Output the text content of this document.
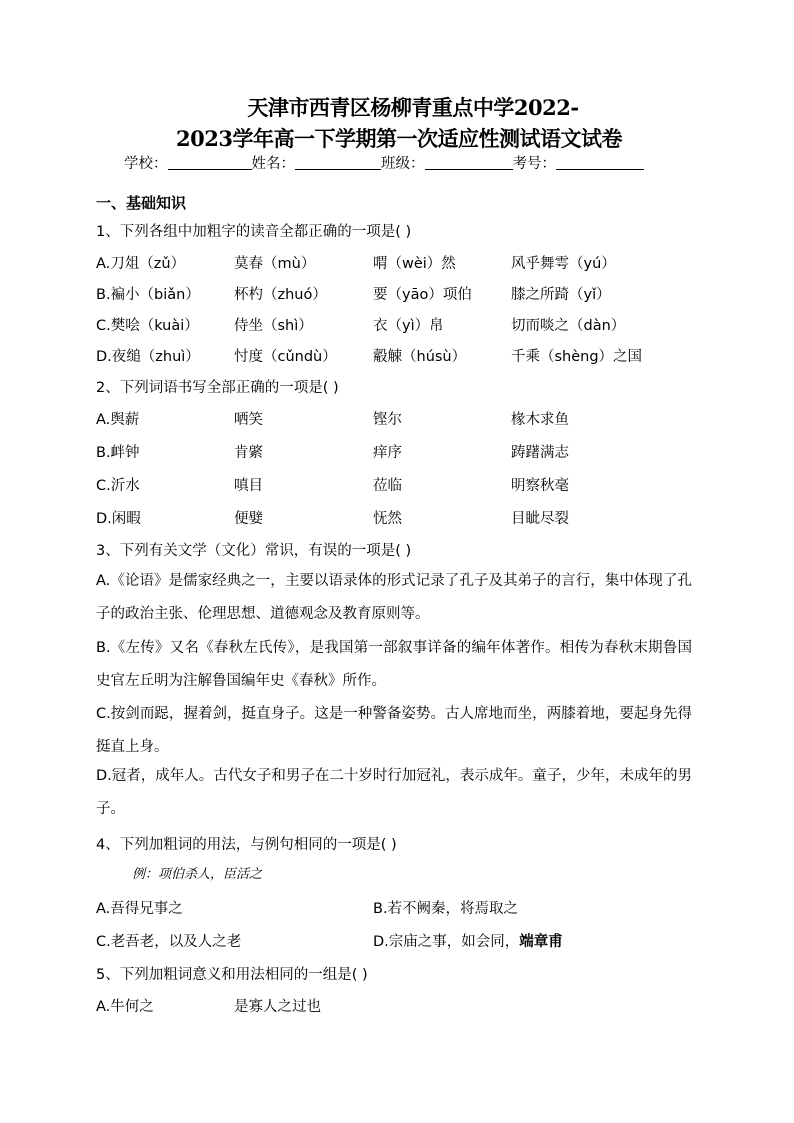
天津市西青区杨柳青重点中学2022-
2023学年高一下学期第一次适应性测试语文试卷
学校：	姓名：	班级：	考号：
一、基础知识
1、下列各组中加粗字的读音全都正确的一项是( )
A.刀俎（zǔ）	莫春（mù）	喟（wèi）然	风乎舞雩（yú）
B.褊小（biǎn） 杯杓（zhuó）	要（yāo）项伯	膝之所踦（yǐ）
C.樊哙（kuài） 侍坐（shì）	衣（yì）帛	切而啖之（dàn）
D.夜缒（zhuì） 忖度（cǔndù）	觳觫（húsù）	千乘（shèng）之国
2、下列词语书写全部正确的一项是( )
A.舆薪	哂笑	铿尔	椽木求鱼
B.衅钟	肯綮	痒序	踌躇满志
C.沂水	嗔目	莅临	明察秋毫
D.闲暇	便嬖	怃然	目眦尽裂
3、下列有关文学（文化）常识，有误的一项是( )
A.《论语》是儒家经典之一，主要以语录体的形式记录了孔子及其弟子的言行，集中体现了孔子的政治主张、伦理思想、道德观念及教育原则等。
B.《左传》又名《春秋左氏传》，是我国第一部叙事详备的编年体著作。相传为春秋末期鲁国史官左丘明为注解鲁国编年史《春秋》所作。
C.按剑而跽，握着剑，挺直身子。这是一种警备姿势。古人席地而坐，两膝着地，要起身先得挺直上身。
D.冠者，成年人。古代女子和男子在二十岁时行加冠礼，表示成年。童子，少年，未成年的男子。
4、下列加粗词的用法，与例句相同的一项是( )
例：项伯杀人，臣活之
A.吾得兄事之	B.若不阙秦，将焉取之
C.老吾老，以及人之老	D.宗庙之事，如会同，端章甫
5、下列加粗词意义和用法相同的一组是( )
A.牛何之	是寡人之过也
